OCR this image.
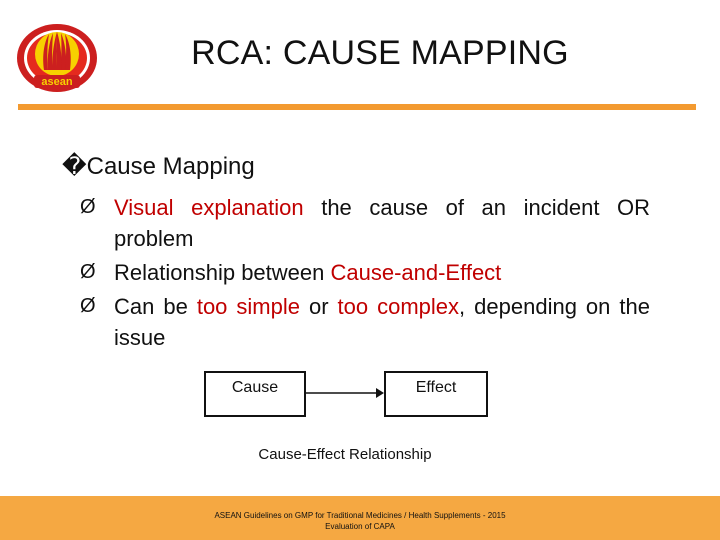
asean
RCA: CAUSE MAPPING
�Cause Mapping
Ø Visual explanation the cause of an incident OR problem
Ø Relationship between Cause-and-Effect
Ø Can be too simple or too complex, depending on the issue
Cause	Effect
Cause-Effect Relationship
ASEAN Guidelines on GMP for Traditional Medicines / Health Supplements - 2015
Evaluation of CAPA
